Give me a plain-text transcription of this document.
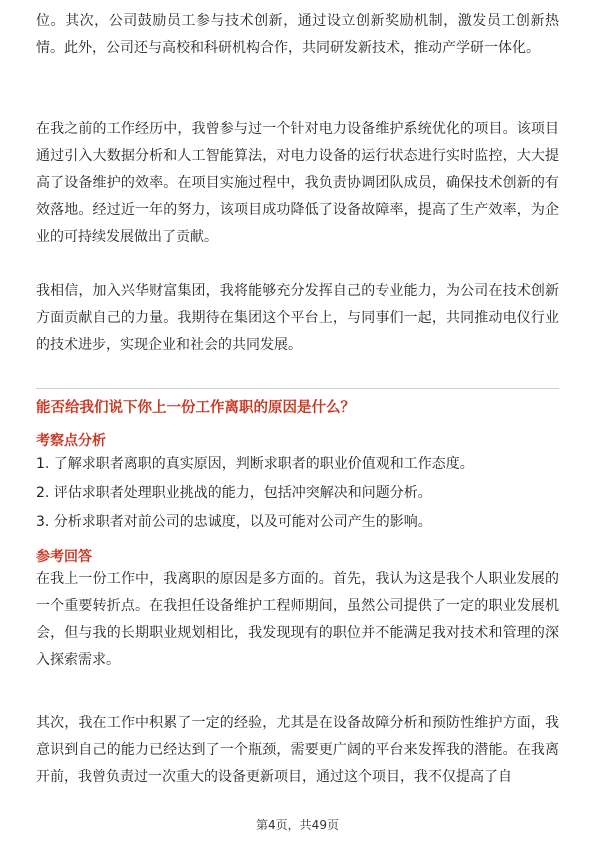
位。其次，公司鼓励员工参与技术创新，通过设立创新奖励机制，激发员工创新热情。此外，公司还与高校和科研机构合作，共同研发新技术，推动产学研一体化。

在我之前的工作经历中，我曾参与过一个针对电力设备维护系统优化的项目。该项目通过引入大数据分析和人工智能算法，对电力设备的运行状态进行实时监控，大大提高了设备维护的效率。在项目实施过程中，我负责协调团队成员，确保技术创新的有效落地。经过近一年的努力，该项目成功降低了设备故障率，提高了生产效率，为企业的可持续发展做出了贡献。

我相信，加入兴华财富集团，我将能够充分发挥自己的专业能力，为公司在技术创新方面贡献自己的力量。我期待在集团这个平台上，与同事们一起，共同推动电仪行业的技术进步，实现企业和社会的共同发展。

能否给我们说下你上一份工作离职的原因是什么？

考察点分析

1. 了解求职者离职的真实原因，判断求职者的职业价值观和工作态度。

2. 评估求职者处理职业挑战的能力，包括冲突解决和问题分析。

3. 分析求职者对前公司的忠诚度，以及可能对公司产生的影响。

参考回答

在我上一份工作中，我离职的原因是多方面的。首先，我认为这是我个人职业发展的一个重要转折点。在我担任设备维护工程师期间，虽然公司提供了一定的职业发展机会，但与我的长期职业规划相比，我发现现有的职位并不能满足我对技术和管理的深入探索需求。

其次，我在工作中积累了一定的经验，尤其是在设备故障分析和预防性维护方面，我意识到自己的能力已经达到了一个瓶颈，需要更广阔的平台来发挥我的潜能。在我离开前，我曾负责过一次重大的设备更新项目，通过这个项目，我不仅提高了自

第4页，共49页
